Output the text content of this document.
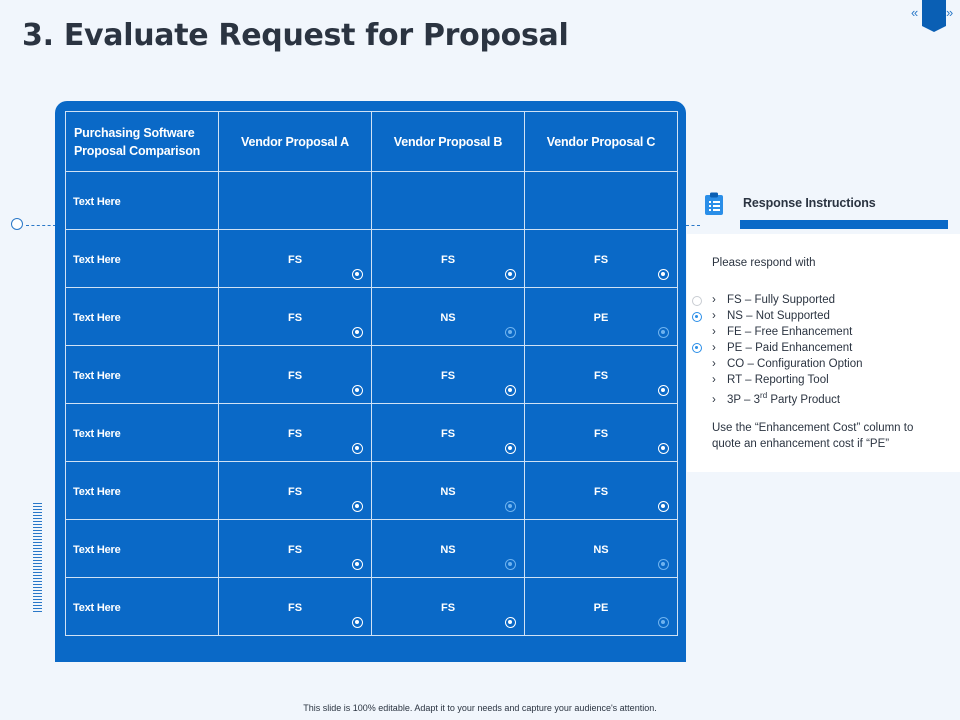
3. Evaluate Request for Proposal
« »
Purchasing Software Proposal Comparison	Vendor Proposal A	Vendor Proposal B	Vendor Proposal C

Text Here			

Text Here	FS	FS	FS

Text Here	FS	NS	PE

Text Here	FS	FS	FS

Text Here	FS	FS	FS

Text Here	FS	NS	FS

Text Here	FS	NS	NS

Text Here	FS	FS	PE
Response Instructions
Please respond with
› FS – Fully Supported
› NS – Not Supported
› FE – Free Enhancement
› PE – Paid Enhancement
› CO – Configuration Option
› RT – Reporting Tool
› 3P – 3rd Party Product
Use the “Enhancement Cost” column to quote an enhancement cost if “PE”
This slide is 100% editable. Adapt it to your needs and capture your audience's attention.
